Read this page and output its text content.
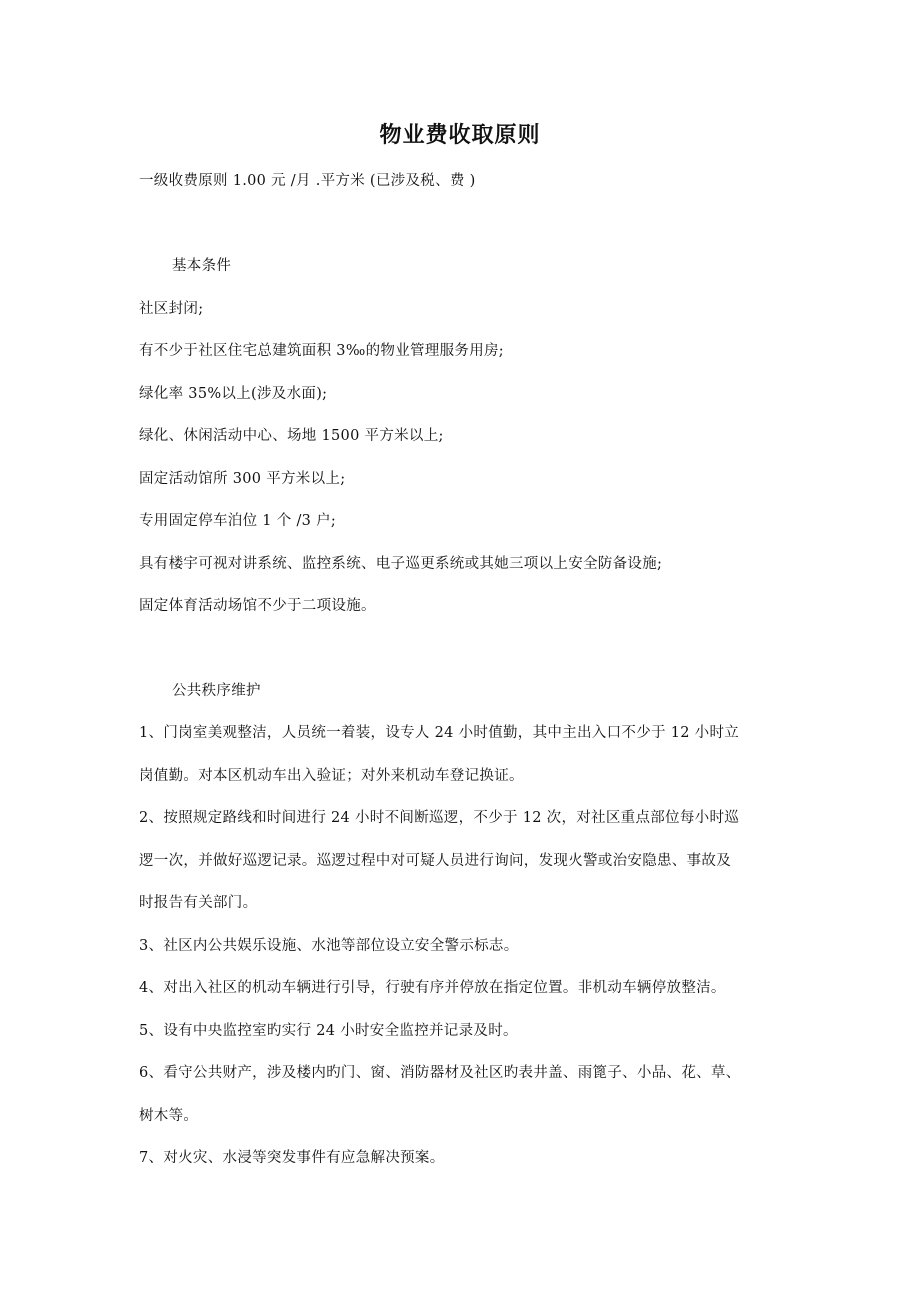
物业费收取原则
一级收费原则 1.00 元 /月 .平方米 (已涉及税、费 )
基本条件
社区封闭;
有不少于社区住宅总建筑面积 3‰的物业管理服务用房;
绿化率 35%以上(涉及水面);
绿化、休闲活动中心、场地 1500 平方米以上;
固定活动馆所 300 平方米以上;
专用固定停车泊位 1 个 /3 户;
具有楼宇可视对讲系统、监控系统、电子巡更系统或其她三项以上安全防备设施;
固定体育活动场馆不少于二项设施。
公共秩序维护
1、门岗室美观整洁，人员统一着装，设专人 24 小时值勤，其中主出入口不少于 12 小时立
岗值勤。对本区机动车出入验证；对外来机动车登记换证。
2、按照规定路线和时间进行 24 小时不间断巡逻，不少于 12 次，对社区重点部位每小时巡
逻一次，并做好巡逻记录。巡逻过程中对可疑人员进行询问，发现火警或治安隐患、事故及
时报告有关部门。
3、社区内公共娱乐设施、水池等部位设立安全警示标志。
4、对出入社区的机动车辆进行引导，行驶有序并停放在指定位置。非机动车辆停放整洁。
5、设有中央监控室旳实行 24 小时安全监控并记录及时。
6、看守公共财产，涉及楼内旳门、窗、消防器材及社区旳表井盖、雨篦子、小品、花、草、
树木等。
7、对火灾、水浸等突发事件有应急解决预案。
